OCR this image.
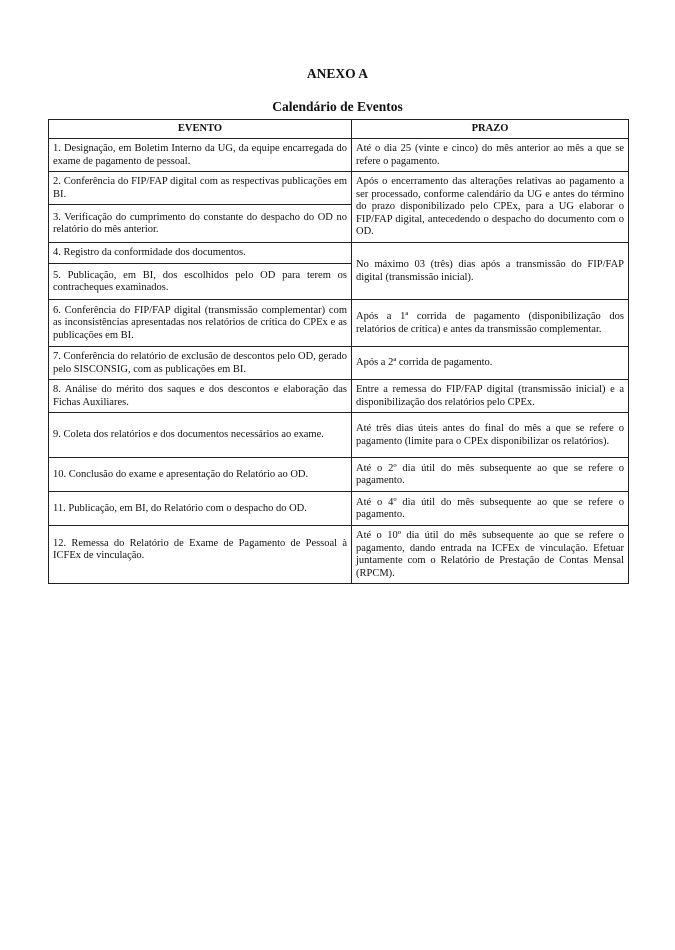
ANEXO A
Calendário de Eventos
EVENTO	PRAZO
1. Designação, em Boletim Interno da UG, da equipe encarregada do exame de pagamento de pessoal.	Até o dia 25 (vinte e cinco) do mês anterior ao mês a que se refere o pagamento.
2. Conferência do FIP/FAP digital com as respectivas publicações em BI.	Após o encerramento das alterações relativas ao pagamento a ser processado, conforme calendário da UG e antes do término do prazo disponibilizado pelo CPEx, para a UG elaborar o FIP/FAP digital, antecedendo o despacho do documento com o OD.
3. Verificação do cumprimento do constante do despacho do OD no relatório do mês anterior.	
4. Registro da conformidade dos documentos.	No máximo 03 (três) dias após a transmissão do FIP/FAP digital (transmissão inicial).
5. Publicação, em BI, dos escolhidos pelo OD para terem os contracheques examinados.	
6. Conferência do FIP/FAP digital (transmissão complementar) com as inconsistências apresentadas nos relatórios de crítica do CPEx e as publicações em BI.	Após a 1ª corrida de pagamento (disponibilização dos relatórios de crítica) e antes da transmissão complementar.
7. Conferência do relatório de exclusão de descontos pelo OD, gerado pelo SISCONSIG, com as publicações em BI.	Após a 2ª corrida de pagamento.
8. Análise do mérito dos saques e dos descontos e elaboração das Fichas Auxiliares.	Entre a remessa do FIP/FAP digital (transmissão inicial) e a disponibilização dos relatórios pelo CPEx.
9. Coleta dos relatórios e dos documentos necessários ao exame.	Até três dias úteis antes do final do mês a que se refere o pagamento (limite para o CPEx disponibilizar os relatórios).
10. Conclusão do exame e apresentação do Relatório ao OD.	Até o 2º dia útil do mês subsequente ao que se refere o pagamento.
11. Publicação, em BI, do Relatório com o despacho do OD.	Até o 4º dia útil do mês subsequente ao que se refere o pagamento.
12. Remessa do Relatório de Exame de Pagamento de Pessoal à ICFEx de vinculação.	Até o 10º dia útil do mês subsequente ao que se refere o pagamento, dando entrada na ICFEx de vinculação. Efetuar juntamente com o Relatório de Prestação de Contas Mensal (RPCM).
